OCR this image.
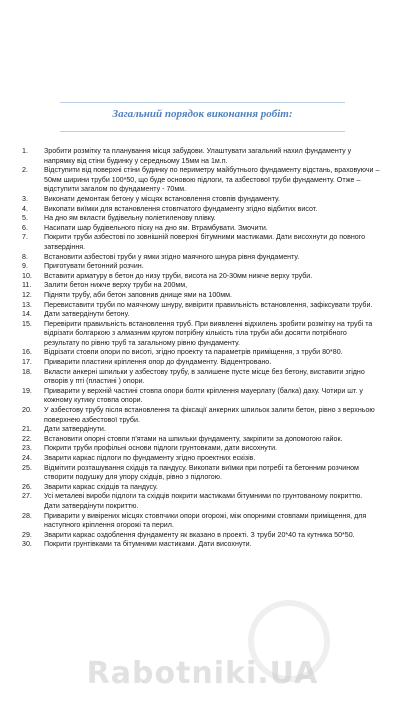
Загальний порядок виконання робіт:
1.	Зробити розмітку та планування місця забудови. Улаштувати загальний нахил фундаменту у напрямку від стіни будинку у середньому 15мм на 1м.п.
2.	Відступити від поверхні стіни будинку по периметру майбутнього фундаменту відстань, враховуючи – 50мм ширини труби 100*50, що буде основою підлоги, та азбестової труби фундаменту. Отже – відступити загалом по фундаменту - 70мм.
3.	Виконати демонтаж бетону у місцях встановлення стовпів фундаменту.
4.	Викопати виїмки для встановлення стовпчатого фундаменту згідно відбитих висот.
5.	На дно ям вкласти будівельну поліетиленову плівку.
6.	Насипати шар будівельного піску на дно ям. Втрамбувати. Змочити.
7.	Покрити труби азбестові по зовнішній поверхні бітумними мастиками. Дати висохнути до повного затвердіння.
8.	Встановити азбестові труби у ямки згідно маячного шнура рівня фундаменту.
9.	Приготувати бетонний розчин.
10.	Вставити арматуру в бетон до низу труби, висота на 20-30мм нижче верху труби.
11.	Залити бетон нижче верху труби на 200мм,
12.	Підняти трубу, аби бетон заповнив днище ями на 100мм.
13.	Перевиставити труби по маячному шнуру, вивірити правильність встановлення, зафіксувати труби.
14.	Дати затвердінути бетону.
15.	Перевірити правильність встановлення труб. При виявленні відхилень зробити розмітку на трубі та відрізати болгаркою з алмазним кругом потрібну кількість тіла труби аби досягти потрібного результату по рівню труб та загальному рівню фундаменту.
16.	Відрізати стовпи опори по висоті, згідно проекту та параметрів приміщення, з труби 80*80.
17.	Приварити пластини кріплення опор до фундаменту. Відцентровано.
18.	Вкласти анкерні шпильки у азбестову трубу, в залишене пусте місце без бетону, виставити згідно отворів у пті (пластині ) опори.
19.	Приварити у верхній частині стовпа опори болти кріплення мауерлату (балка) даху. Чотири шт. у кожному кутику стовпа опори.
20.	У азбестову трубу після встановлення та фіксації анкерних шпильок залити бетон, рівно з верхньою поверхнею азбестової труби.
21.	Дати затвердінути.
22.	Встановити опорні стовпи п'ятами на шпильки фундаменту, закріпити за допомогою гайок.
23.	Покрити труби профільні основи підлоги грунтовками, дати висохнути.
24.	Зварити каркас підлоги по фундаменту згідно проектних ескізів.
25.	Відмітити розташування східців та пандусу. Викопати виїмки при потребі та бетонним розчином створити подушку для упору східців, рівно з підлогою.
26.	Зварити каркас східців та пандусу.
27.	Усі металеві вироби підлоги та східців покрити мастиками бітумними по грунтованому покриттю. Дати затвердінути покриттю.
28.	Приварити у вивірених місцях стовпчики опори огорожі, між опорними стовпами приміщення, для наступного кріплення огорожі та перил.
29.	Зварити каркас оздоблення фундаменту як вказано в проекті. З труби 20*40 та кутника 50*50.
30.	Покрити грунтівками та бітумними мастиками. Дати висохнути.
Rabotniki.UA
